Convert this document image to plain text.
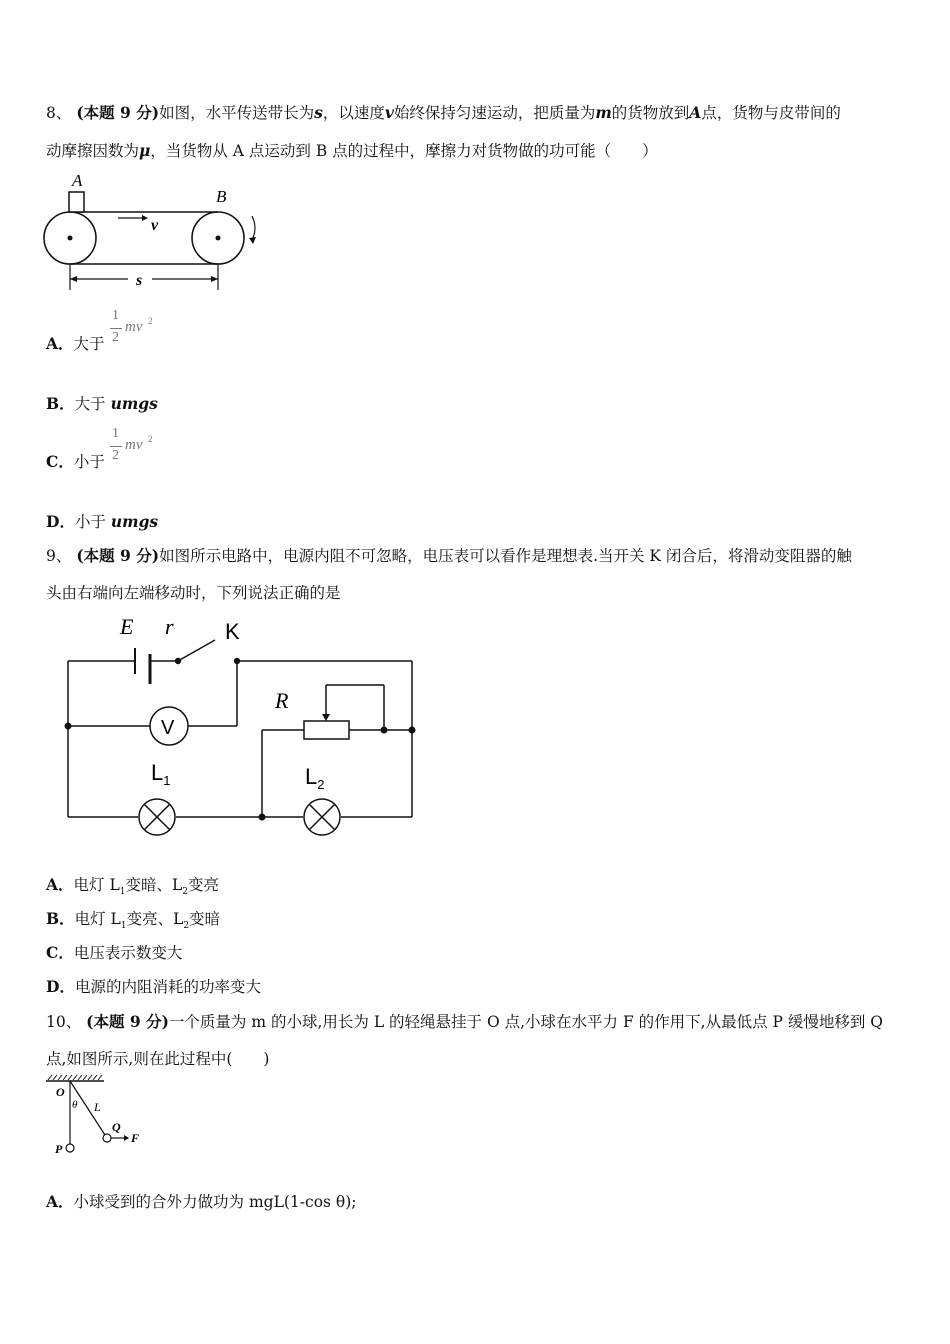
8、 (本题 9 分)如图，水平传送带长为s，以速度v始终保持匀速运动，把质量为m的货物放到A点，货物与皮带间的
动摩擦因数为μ，当货物从 A 点运动到 B 点的过程中，摩擦力对货物做的功可能（　　）
A
B
v
s
A．大于
1
2
mv 2
B．大于 umgs
C．小于
1
2
mv 2
D．小于 umgs
9、 (本题 9 分)如图所示电路中，电源内阻不可忽略，电压表可以看作是理想表.当开关 K 闭合后，将滑动变阻器的触
头由右端向左端移动时，下列说法正确的是
E r K
R
V
$L_1$	$L_2$
A．电灯 $L_1$变暗、$L_2$变亮
B．电灯 $L_1$变亮、$L_2$变暗
C．电压表示数变大
D．电源的内阻消耗的功率变大
10、 (本题 9 分)一个质量为 m 的小球,用长为 L 的轻绳悬挂于 O 点,小球在水平力 F 的作用下,从最低点 P 缓慢地移到 Q
点,如图所示,则在此过程中(　　)
O
θ L
Q
F
P
A．小球受到的合外力做功为 mgL(1-cos θ);
